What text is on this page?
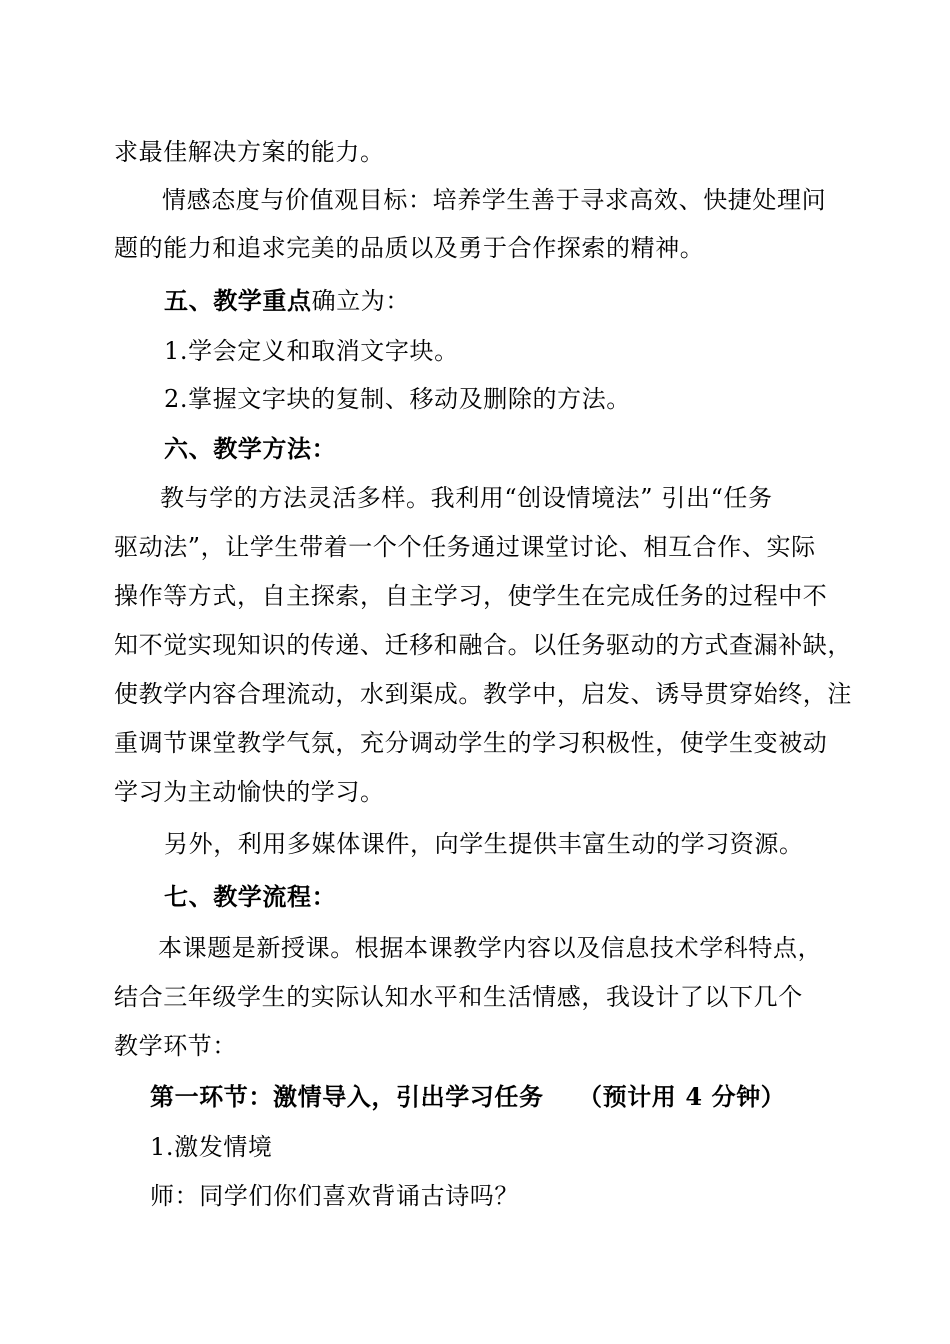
求最佳解决方案的能力。
情感态度与价值观目标：培养学生善于寻求高效、快捷处理问
题的能力和追求完美的品质以及勇于合作探索的精神。
五、教学重点确立为：
1.学会定义和取消文字块。
2.掌握文字块的复制、移动及删除的方法。
六、教学方法：
教与学的方法灵活多样。我利用“创设情境法” 引出“任务
驱动法”，让学生带着一个个任务通过课堂讨论、相互合作、实际
操作等方式，自主探索，自主学习，使学生在完成任务的过程中不
知不觉实现知识的传递、迁移和融合。以任务驱动的方式查漏补缺，
使教学内容合理流动，水到渠成。教学中，启发、诱导贯穿始终，注
重调节课堂教学气氛，充分调动学生的学习积极性，使学生变被动
学习为主动愉快的学习。
另外，利用多媒体课件，向学生提供丰富生动的学习资源。
七、教学流程：
本课题是新授课。根据本课教学内容以及信息技术学科特点，
结合三年级学生的实际认知水平和生活情感，我设计了以下几个
教学环节：
第一环节：激情导入，引出学习任务 （预计用 4 分钟）
1.激发情境
师：同学们你们喜欢背诵古诗吗？
